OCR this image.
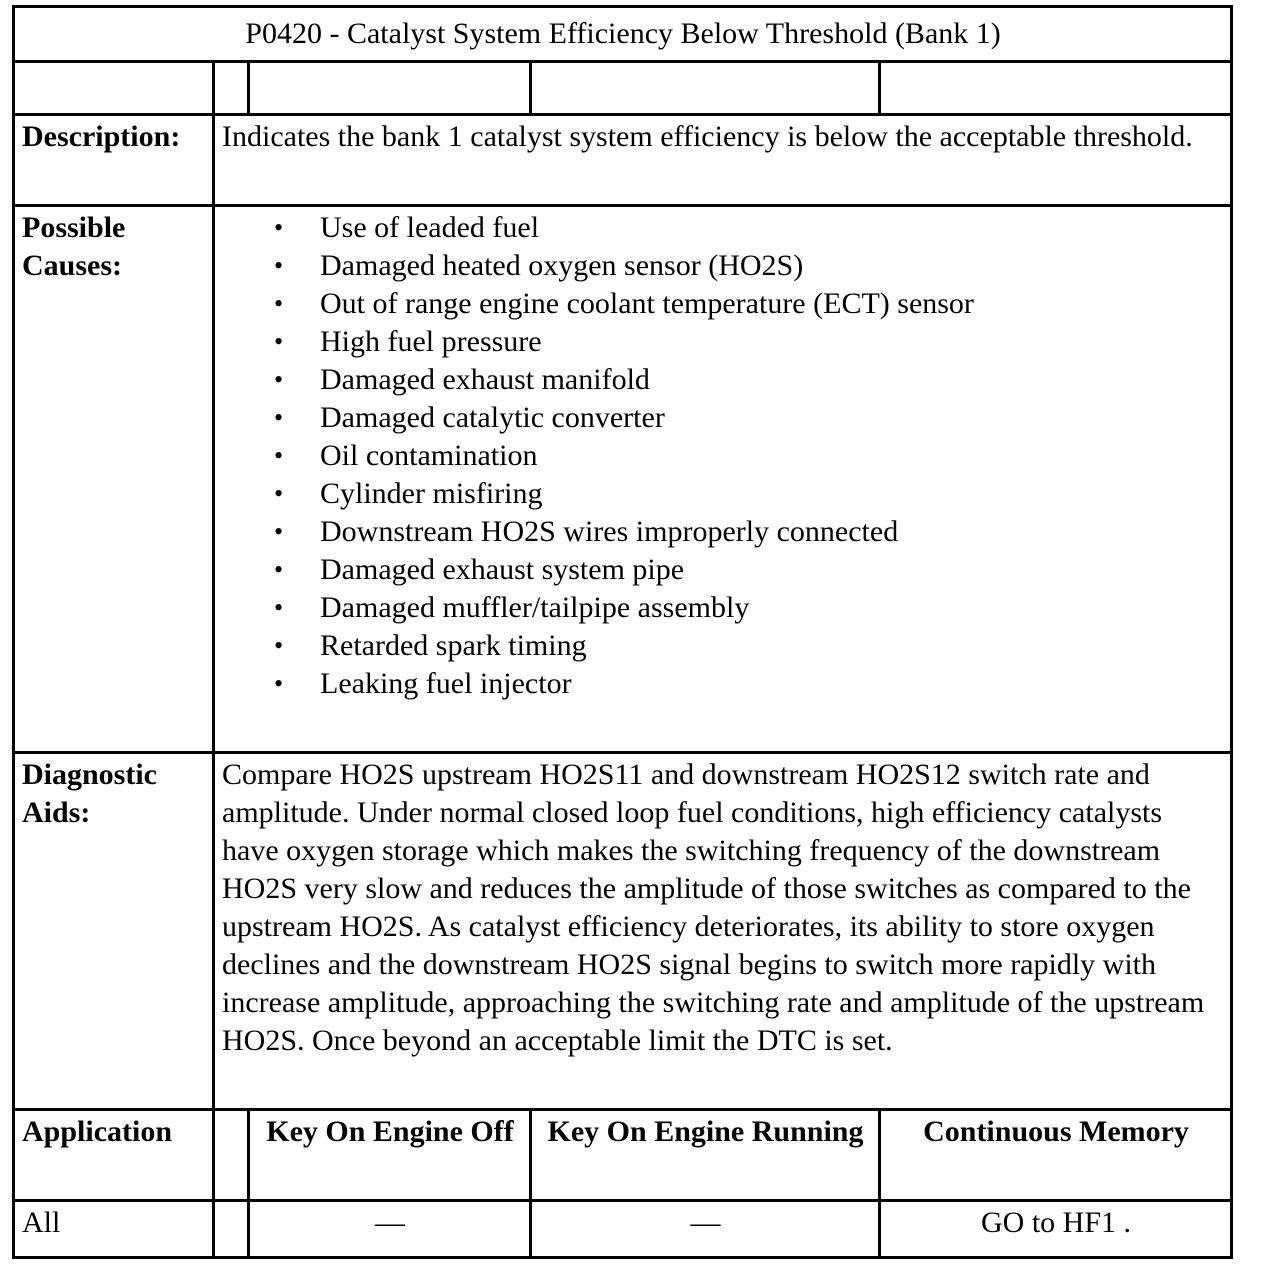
P0420 - Catalyst System Efficiency Below Threshold (Bank 1)				

Description:	Indicates the bank 1 catalyst system efficiency is below the acceptable threshold.			
Possible Causes:	
• Use of leaded fuel
• Damaged heated oxygen sensor (HO2S)
• Out of range engine coolant temperature (ECT) sensor
• High fuel pressure
• Damaged exhaust manifold
• Damaged catalytic converter
• Oil contamination
• Cylinder misfiring
• Downstream HO2S wires improperly connected
• Damaged exhaust system pipe
• Damaged muffler/tailpipe assembly
• Retarded spark timing
• Leaking fuel injector

Diagnostic Aids:	Compare HO2S upstream HO2S11 and downstream HO2S12 switch rate and amplitude. Under normal closed loop fuel conditions, high efficiency catalysts have oxygen storage which makes the switching frequency of the downstream HO2S very slow and reduces the amplitude of those switches as compared to the upstream HO2S. As catalyst efficiency deteriorates, its ability to store oxygen declines and the downstream HO2S signal begins to switch more rapidly with increase amplitude, approaching the switching rate and amplitude of the upstream HO2S. Once beyond an acceptable limit the DTC is set.			
Application		Key On Engine Off	Key On Engine Running	Continuous Memory
All		—	—	GO to HF1 .
